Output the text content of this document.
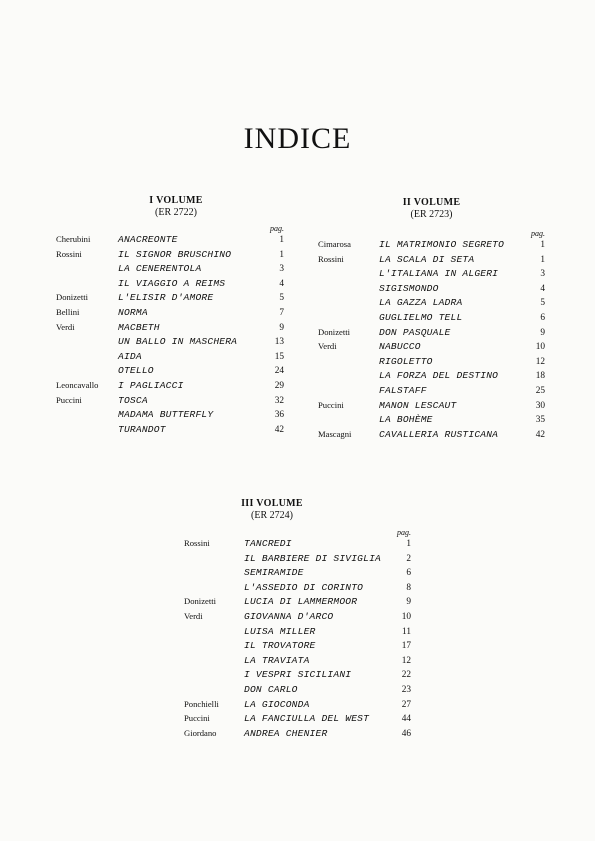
INDICE
I VOLUME
(ER 2722)
pag.
Cherubini	ANACREONTE	1
Rossini	IL SIGNOR BRUSCHINO	1
LA CENERENTOLA	3
IL VIAGGIO A REIMS	4
Donizetti	L'ELISIR D'AMORE	5
Bellini	NORMA	7
Verdi	MACBETH	9
UN BALLO IN MASCHERA	13
AIDA	15
OTELLO	24
Leoncavallo	I PAGLIACCI	29
Puccini	TOSCA	32
MADAMA BUTTERFLY	36
TURANDOT	42
II VOLUME
(ER 2723)
pag.
Cimarosa	IL MATRIMONIO SEGRETO	1
Rossini	LA SCALA DI SETA	1
L'ITALIANA IN ALGERI	3
SIGISMONDO	4
LA GAZZA LADRA	5
GUGLIELMO TELL	6
Donizetti	DON PASQUALE	9
Verdi	NABUCCO	10
RIGOLETTO	12
LA FORZA DEL DESTINO	18
FALSTAFF	25
Puccini	MANON LESCAUT	30
LA BOHÈME	35
Mascagni	CAVALLERIA RUSTICANA	42
III VOLUME
(ER 2724)
pag.
Rossini	TANCREDI	1
IL BARBIERE DI SIVIGLIA	2
SEMIRAMIDE	6
L'ASSEDIO DI CORINTO	8
Donizetti	LUCIA DI LAMMERMOOR	9
Verdi	GIOVANNA D'ARCO	10
LUISA MILLER	11
IL TROVATORE	17
LA TRAVIATA	12
I VESPRI SICILIANI	22
DON CARLO	23
Ponchielli	LA GIOCONDA	27
Puccini	LA FANCIULLA DEL WEST	44
Giordano	ANDREA CHENIER	46
